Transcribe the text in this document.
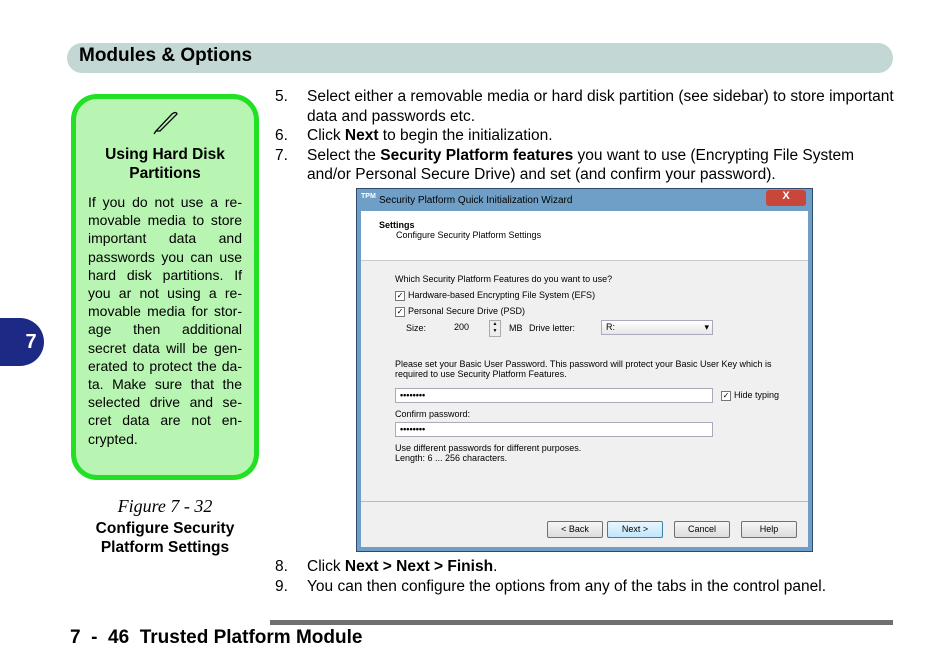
Modules & Options
7
Using Hard Disk Partitions

If you do not use a re-movable media to store important data and passwords you can use hard disk partitions. If you ar not using a re-movable media for stor-age then additional secret data will be gen-erated to protect the da-ta. Make sure that the selected drive and se-cret data are not en-crypted.

Figure 7 - 32
Configure Security Platform Settings
5.	Select either a removable media or hard disk partition (see sidebar) to store important data and passwords etc.
6.	Click Next to begin the initialization.
7.	Select the Security Platform features you want to use (Encrypting File System and/or Personal Secure Drive) and set (and confirm your password).
TPM Security Platform Quick Initialization Wizard	X
Settings
Configure Security Platform Settings
Which Security Platform Features do you want to use?
✓ Hardware-based Encrypting File System (EFS)
✓ Personal Secure Drive (PSD)
Size:	200	▲
▼	MB Drive letter:	R:	▾
Please set your Basic User Password. This password will protect your Basic User Key which is required to use Security Platform Features.
••••••••	✓ Hide typing
Confirm password:
••••••••
Use different passwords for different purposes.
Length: 6 ... 256 characters.
< Back	Next >	Cancel	Help
8.	Click Next > Next > Finish.
9.	You can then configure the options from any of the tabs in the control panel.
7  -  46  Trusted Platform Module
